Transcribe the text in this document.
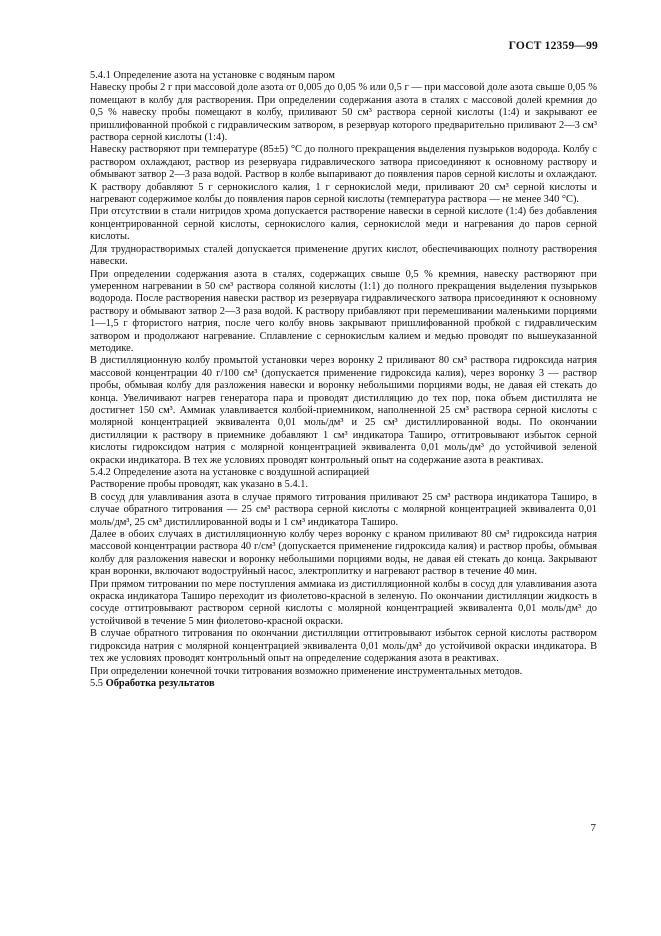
ГОСТ 12359—99

5.4.1 Определение азота на установке с водяным паром

Навеску пробы 2 г при массовой доле азота от 0,005 до 0,05 % или 0,5 г — при массовой доле азота свыше 0,05 % помещают в колбу для растворения. При определении содержания азота в сталях с массовой долей кремния до 0,5 % навеску пробы помещают в колбу, приливают 50 см³ раствора серной кислоты (1:4) и закрывают ее пришлифованной пробкой с гидравлическим затвором, в резервуар которого предварительно приливают 2—3 см³ раствора серной кислоты (1:4).

Навеску растворяют при температуре (85±5) °С до полного прекращения выделения пузырьков водорода. Колбу с раствором охлаждают, раствор из резервуара гидравлического затвора присоединяют к основному раствору и обмывают затвор 2—3 раза водой. Раствор в колбе выпаривают до появления паров серной кислоты и охлаждают. К раствору добавляют 5 г сернокислого калия, 1 г сернокислой меди, приливают 20 см³ серной кислоты и нагревают содержимое колбы до появления паров серной кислоты (температура раствора — не менее 340 °С).

При отсутствии в стали нитридов хрома допускается растворение навески в серной кислоте (1:4) без добавления концентрированной серной кислоты, сернокислого калия, сернокислой меди и нагревания до паров серной кислоты.

Для труднорастворимых сталей допускается применение других кислот, обеспечивающих полноту растворения навески.

При определении содержания азота в сталях, содержащих свыше 0,5 % кремния, навеску растворяют при умеренном нагревании в 50 см³ раствора соляной кислоты (1:1) до полного прекращения выделения пузырьков водорода. После растворения навески раствор из резервуара гидравлического затвора присоединяют к основному раствору и обмывают затвор 2—3 раза водой. К раствору прибавляют при перемешивании маленькими порциями 1—1,5 г фтористого натрия, после чего колбу вновь закрывают пришлифованной пробкой с гидравлическим затвором и продолжают нагревание. Сплавление с сернокислым калием и медью проводят по вышеуказанной методике.

В дистилляционную колбу промытой установки через воронку 2 приливают 80 см³ раствора гидроксида натрия массовой концентрации 40 г/100 см³ (допускается применение гидроксида калия), через воронку 3 — раствор пробы, обмывая колбу для разложения навески и воронку небольшими порциями воды, не давая ей стекать до конца. Увеличивают нагрев генератора пара и проводят дистилляцию до тех пор, пока объем дистиллята не достигнет 150 см³. Аммиак улавливается колбой-приемником, наполненной 25 см³ раствора серной кислоты с молярной концентрацией эквивалента 0,01 моль/дм³ и 25 см³ дистиллированной воды. По окончании дистилляции к раствору в приемнике добавляют 1 см³ индикатора Таширо, оттитровывают избыток серной кислоты гидроксидом натрия с молярной концентрацией эквивалента 0,01 моль/дм³ до устойчивой зеленой окраски индикатора. В тех же условиях проводят контрольный опыт на содержание азота в реактивах.

5.4.2 Определение азота на установке с воздушной аспирацией

Растворение пробы проводят, как указано в 5.4.1.

В сосуд для улавливания азота в случае прямого титрования приливают 25 см³ раствора индикатора Таширо, в случае обратного титрования — 25 см³ раствора серной кислоты с молярной концентрацией эквивалента 0,01 моль/дм³, 25 см³ дистиллированной воды и 1 см³ индикатора Таширо.

Далее в обоих случаях в дистилляционную колбу через воронку с краном приливают 80 см³ гидроксида натрия массовой концентрации раствора 40 г/см³ (допускается применение гидроксида калия) и раствор пробы, обмывая колбу для разложения навески и воронку небольшими порциями воды, не давая ей стекать до конца. Закрывают кран воронки, включают водоструйный насос, электроплитку и нагревают раствор в течение 40 мин.

При прямом титровании по мере поступления аммиака из дистилляционной колбы в сосуд для улавливания азота окраска индикатора Таширо переходит из фиолетово-красной в зеленую. По окончании дистилляции жидкость в сосуде оттитровывают раствором серной кислоты с молярной концентрацией эквивалента 0,01 моль/дм³ до устойчивой в течение 5 мин фиолетово-красной окраски.

В случае обратного титрования по окончании дистилляции оттитровывают избыток серной кислоты раствором гидроксида натрия с молярной концентрацией эквивалента 0,01 моль/дм³ до устойчивой окраски индикатора. В тех же условиях проводят контрольный опыт на определение содержания азота в реактивах.

При определении конечной точки титрования возможно применение инструментальных методов.

5.5 Обработка результатов

7
